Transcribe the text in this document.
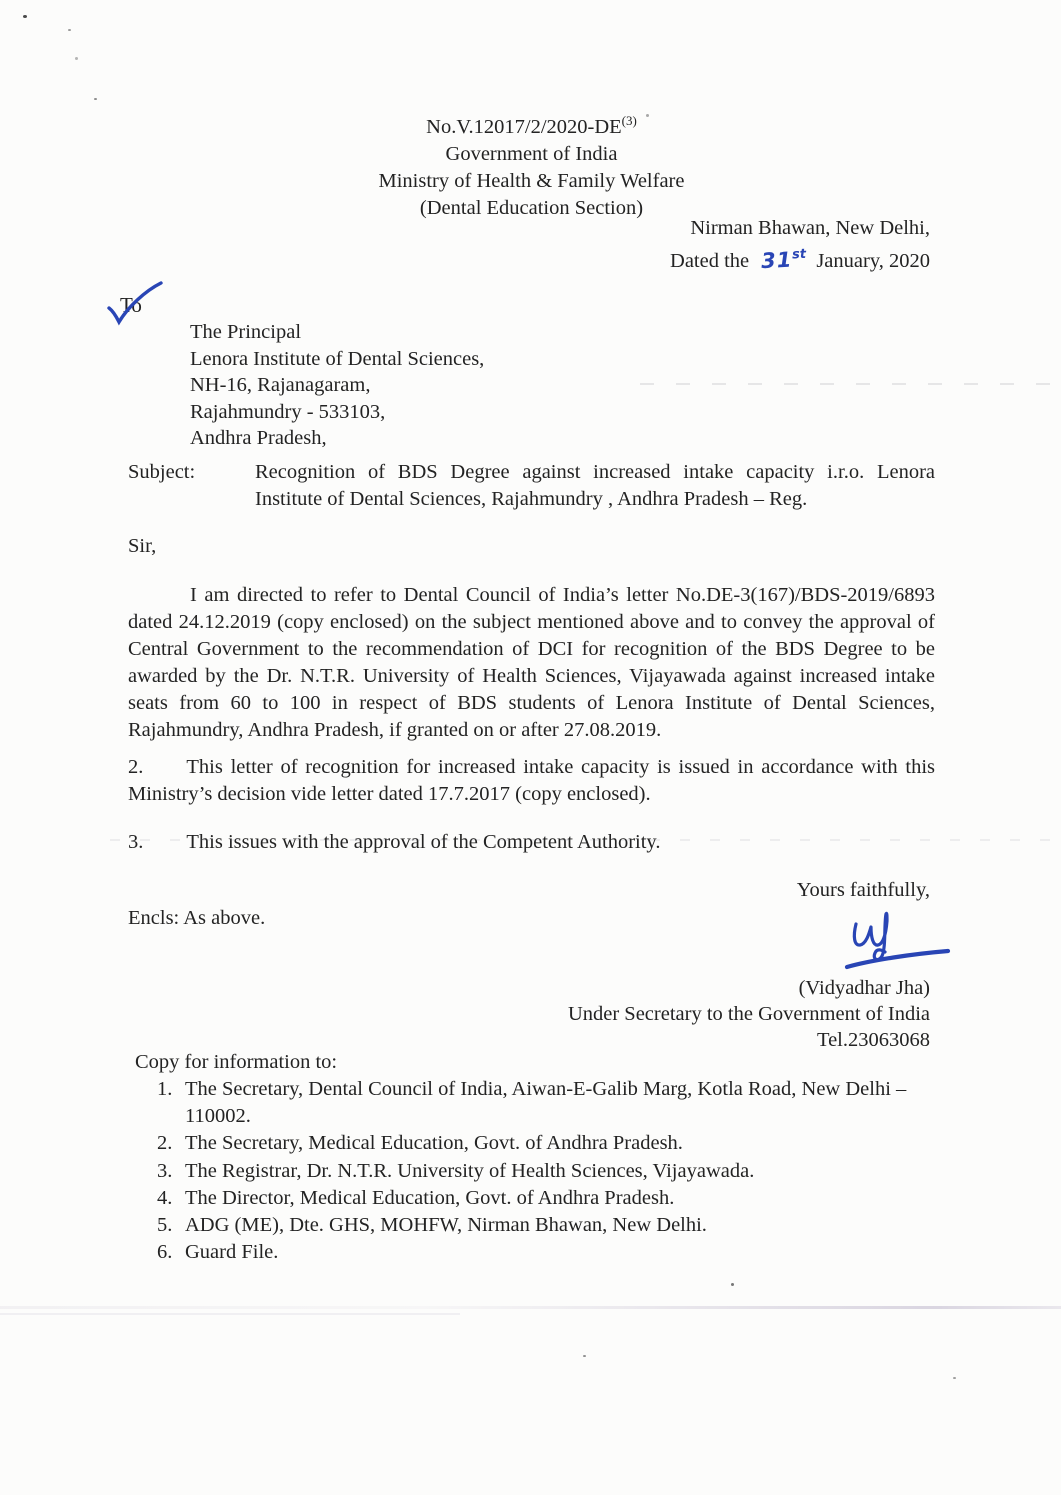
No.V.12017/2/2020-DE$^{(3)}$
Government of India
Ministry of Health & Family Welfare
(Dental Education Section)
Nirman Bhawan, New Delhi,
Dated the 31st January, 2020
To
The Principal
Lenora Institute of Dental Sciences,
NH-16, Rajanagaram,
Rajahmundry - 533103,
Andhra Pradesh,
Subject:	Recognition of BDS Degree against increased intake capacity i.r.o. Lenora Institute of Dental Sciences, Rajahmundry , Andhra Pradesh – Reg.
Sir,

I am directed to refer to Dental Council of India’s letter No.DE-3(167)/BDS-2019/6893 dated 24.12.2019 (copy enclosed) on the subject mentioned above and to convey the approval of Central Government to the recommendation of DCI for recognition of the BDS Degree to be awarded by the Dr. N.T.R. University of Health Sciences, Vijayawada against increased intake seats from 60 to 100 in respect of BDS students of Lenora Institute of Dental Sciences, Rajahmundry, Andhra Pradesh, if granted on or after 27.08.2019.

2. This letter of recognition for increased intake capacity is issued in accordance with this Ministry’s decision vide letter dated 17.7.2017 (copy enclosed).

3. This issues with the approval of the Competent Authority.

Yours faithfully,
Encls: As above.
(Vidyadhar Jha)
Under Secretary to the Government of India
Tel.23063068
Copy for information to:
1. The Secretary, Dental Council of India, Aiwan-E-Galib Marg, Kotla Road, New Delhi – 110002.
2. The Secretary, Medical Education, Govt. of Andhra Pradesh.
3. The Registrar, Dr. N.T.R. University of Health Sciences, Vijayawada.
4. The Director, Medical Education, Govt. of Andhra Pradesh.
5. ADG (ME), Dte. GHS, MOHFW, Nirman Bhawan, New Delhi.
6. Guard File.
